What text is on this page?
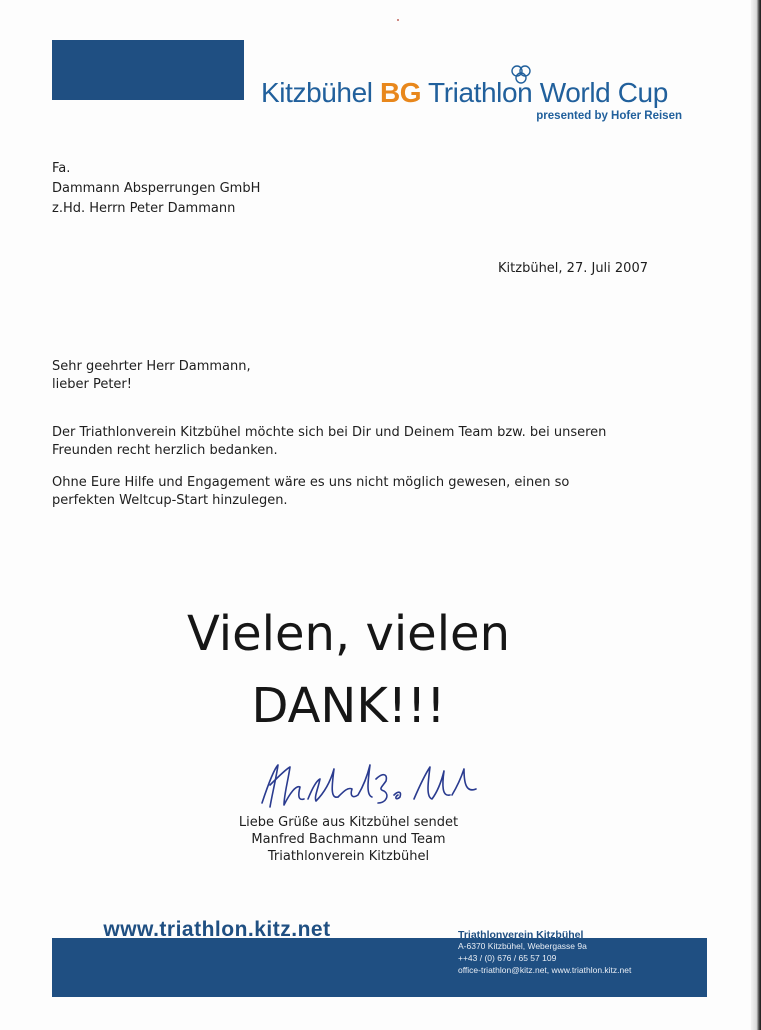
Kitzbühel BG Triathlon World Cup
presented by Hofer Reisen
Fa.
Dammann Absperrungen GmbH
z.Hd. Herrn Peter Dammann
Kitzbühel, 27. Juli 2007
Sehr geehrter Herr Dammann,
lieber Peter!
Der Triathlonverein Kitzbühel möchte sich bei Dir und Deinem Team bzw. bei unseren
Freunden recht herzlich bedanken.
Ohne Eure Hilfe und Engagement wäre es uns nicht möglich gewesen, einen so
perfekten Weltcup-Start hinzulegen.
Vielen, vielen
DANK!!!
Liebe Grüße aus Kitzbühel sendet
Manfred Bachmann und Team
Triathlonverein Kitzbühel
www.triathlon.kitz.net	Triathlonverein Kitzbühel
A-6370 Kitzbühel, Webergasse 9a
++43 / (0) 676 / 65 57 109
office-triathlon@kitz.net, www.triathlon.kitz.net
